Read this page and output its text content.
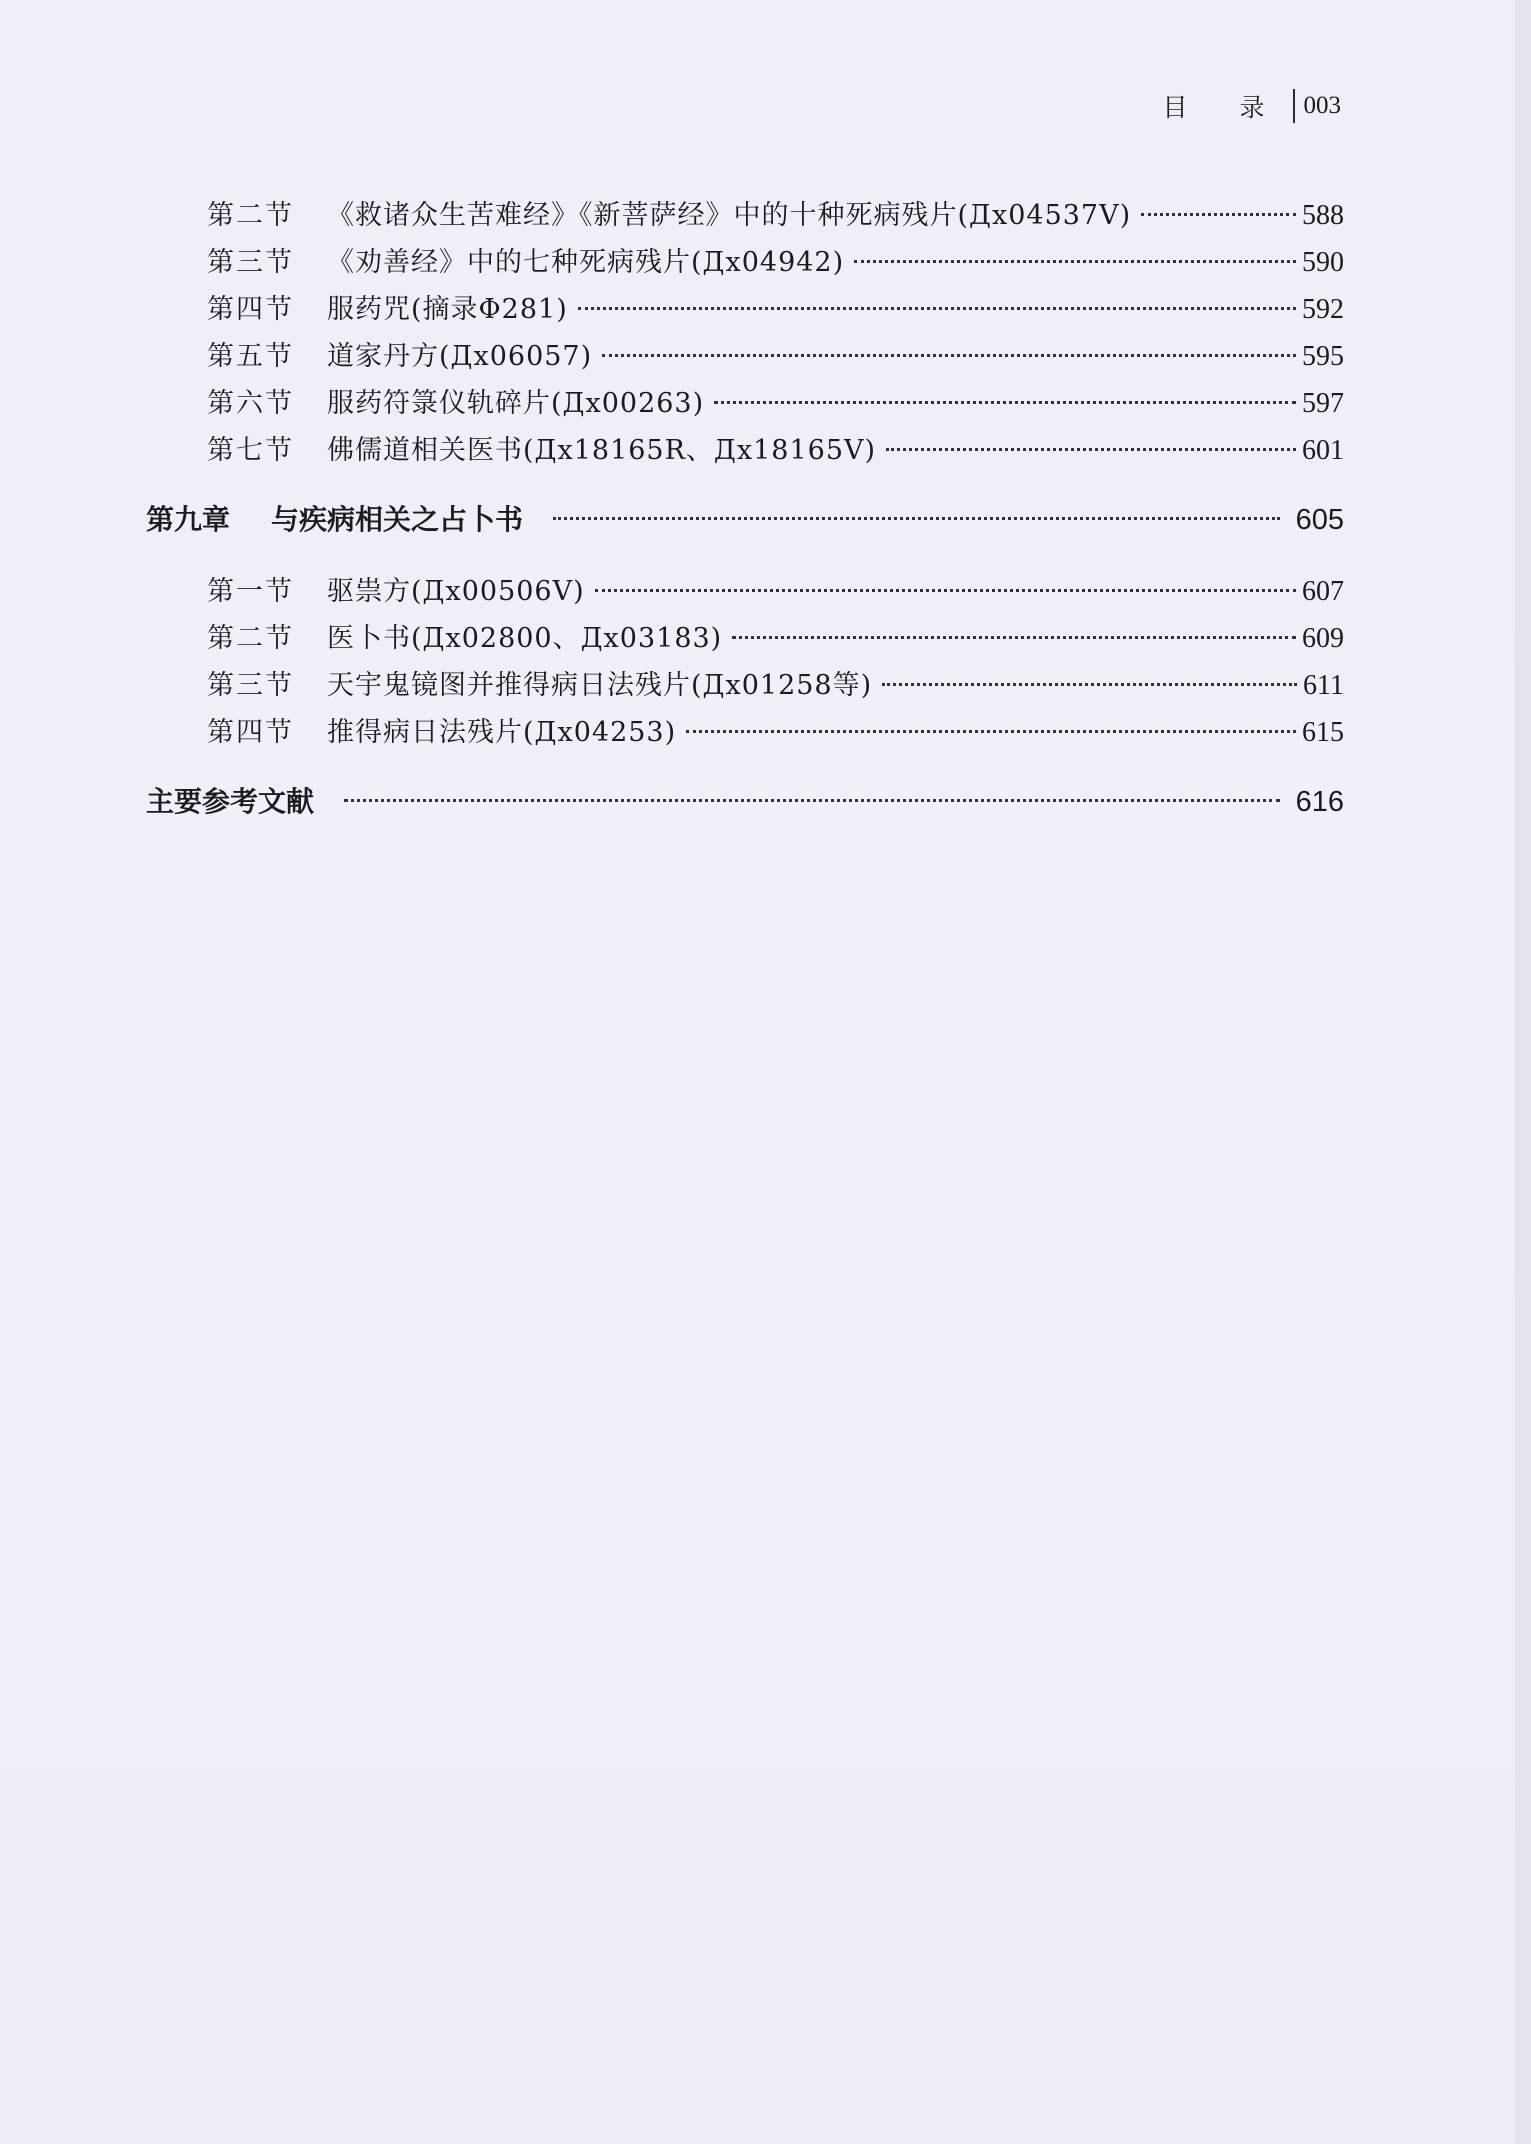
目 录 003
第二节	《救诸众生苦难经》《新菩萨经》中的十种死病残片(Дx04537V)	588
第三节	《劝善经》中的七种死病残片(Дx04942)	590
第四节	服药咒(摘录Φ281)	592
第五节	道家丹方(Дx06057)	595
第六节	服药符箓仪轨碎片(Дx00263)	597
第七节	佛儒道相关医书(Дx18165R、Дx18165V)	601
第九章	与疾病相关之占卜书	605
第一节	驱祟方(Дx00506V)	607
第二节	医卜书(Дx02800、Дx03183)	609
第三节	天宇鬼镜图并推得病日法残片(Дx01258等)	611
第四节	推得病日法残片(Дx04253)	615
主要参考文献	616
